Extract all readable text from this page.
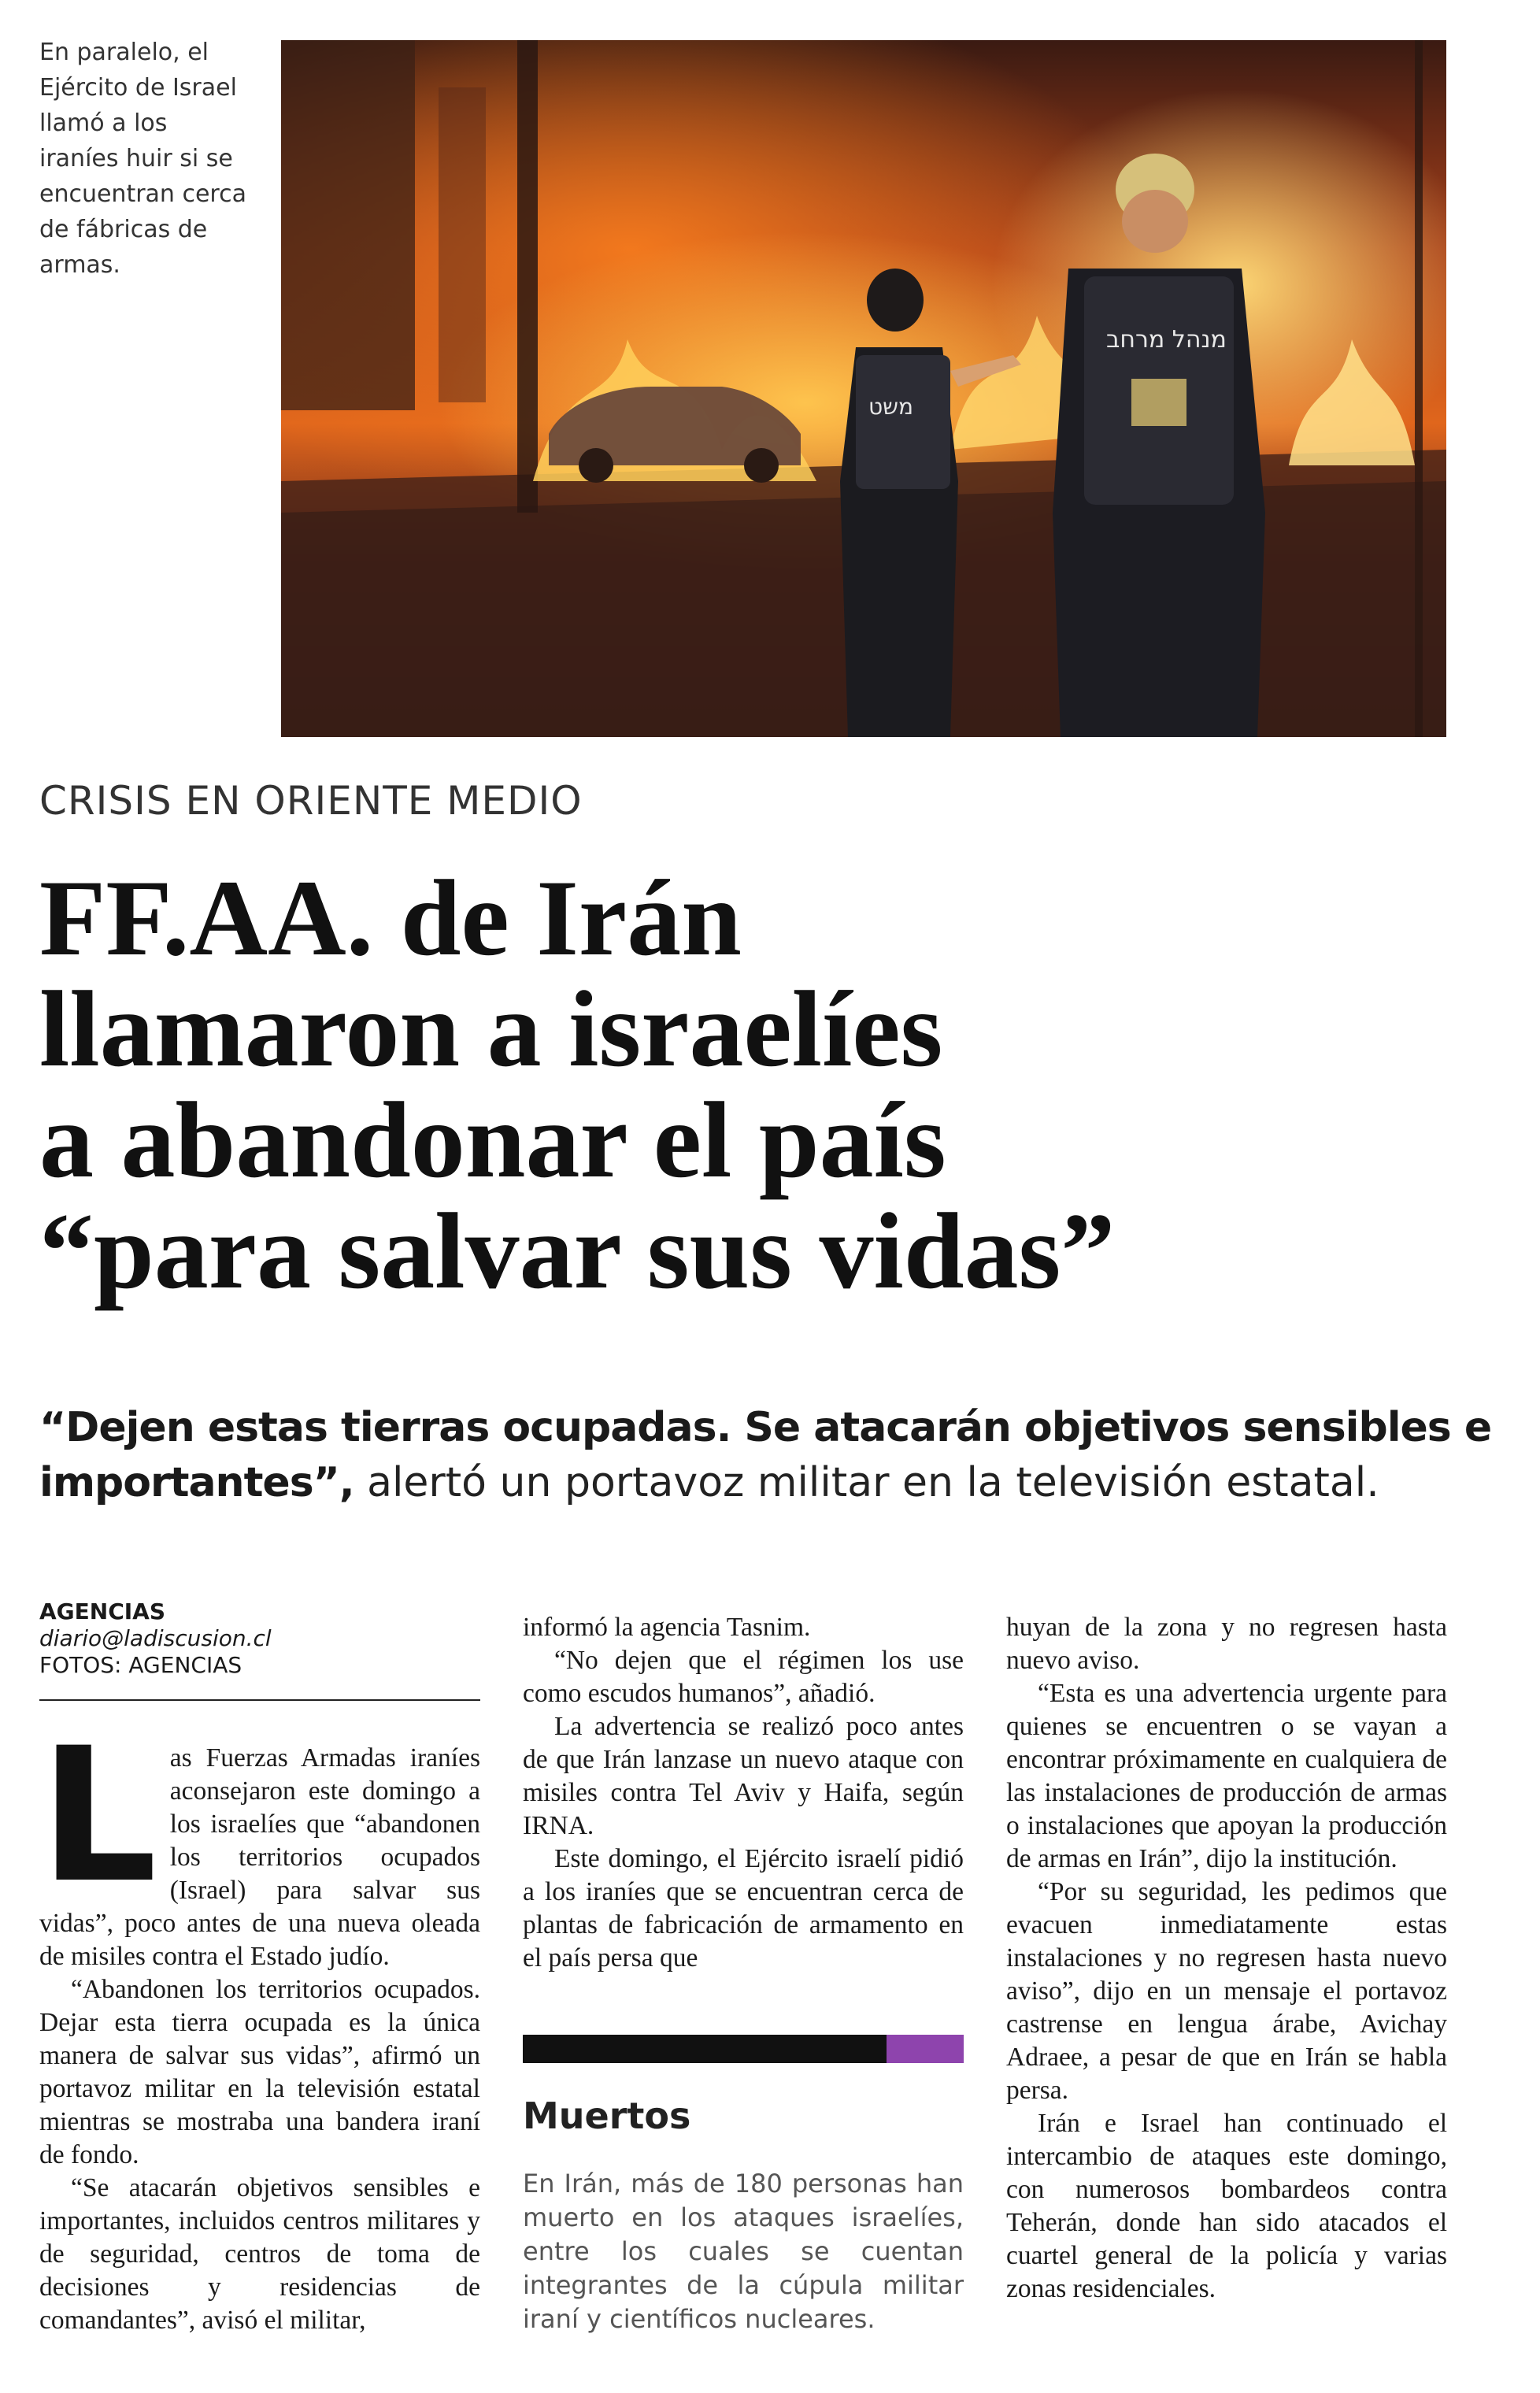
En paralelo, el Ejército de Israel llamó a los iraníes huir si se encuentran cerca de fábricas de armas.
משט
מנהל מרחב
CRISIS EN ORIENTE MEDIO
FF.AA. de Irán
llamaron a israelíes
a abandonar el país
“para salvar sus vidas”

“Dejen estas tierras ocupadas. Se atacarán objetivos sensibles e importantes”, alertó un portavoz militar en la televisión estatal.

AGENCIAS
diario@ladiscusion.cl
FOTOS: AGENCIAS
L as Fuerzas Armadas iraníes aconsejaron este domingo a los israelíes que “abandonen los territorios ocupados (Israel) para salvar sus vidas”, poco antes de una nueva oleada de misiles contra el Estado judío.

“Abandonen los territorios ocupados. Dejar esta tierra ocupada es la única manera de salvar sus vidas”, afirmó un portavoz militar en la televisión estatal mientras se mostraba una bandera iraní de fondo.

“Se atacarán objetivos sensibles e importantes, incluidos centros militares y de seguridad, centros de toma de decisiones y residencias de comandantes”, avisó el militar,

informó la agencia Tasnim.

“No dejen que el régimen los use como escudos humanos”, añadió.

La advertencia se realizó poco antes de que Irán lanzase un nuevo ataque con misiles contra Tel Aviv y Haifa, según IRNA.

Este domingo, el Ejército israelí pidió a los iraníes que se encuentran cerca de plantas de fabricación de armamento en el país persa que

Muertos
En Irán, más de 180 personas han muerto en los ataques israelíes, entre los cuales se cuentan integrantes de la cúpula militar iraní y científicos nucleares.

huyan de la zona y no regresen hasta nuevo aviso.

“Esta es una advertencia urgente para quienes se encuentren o se vayan a encontrar próximamente en cualquiera de las instalaciones de producción de armas o instalaciones que apoyan la producción de armas en Irán”, dijo la institución.

“Por su seguridad, les pedimos que evacuen inmediatamente estas instalaciones y no regresen hasta nuevo aviso”, dijo en un mensaje el portavoz castrense en lengua árabe, Avichay Adraee, a pesar de que en Irán se habla persa.

Irán e Israel han continuado el intercambio de ataques este domingo, con numerosos bombardeos contra Teherán, donde han sido atacados el cuartel general de la policía y varias zonas residenciales.
